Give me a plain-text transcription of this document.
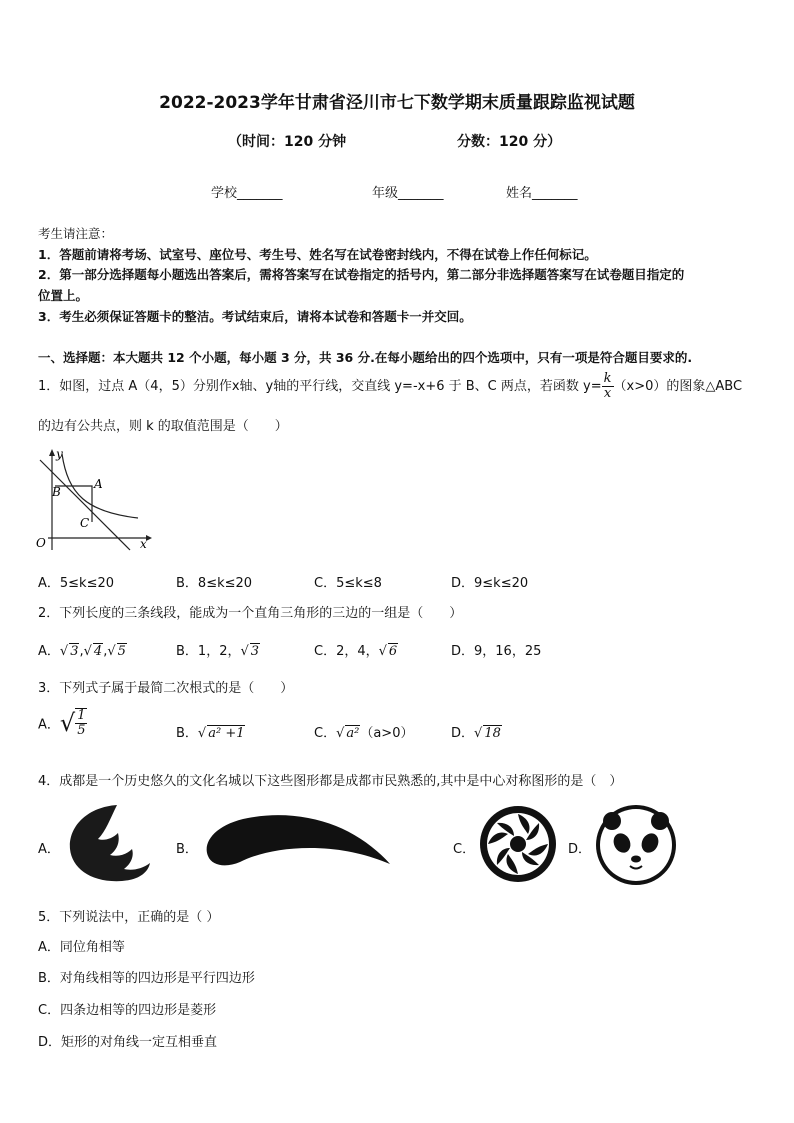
2022-2023学年甘肃省泾川市七下数学期末质量跟踪监视试题
（时间：120 分钟	分数：120 分）
学校_______	年级_______	姓名_______
考生请注意：
1．答题前请将考场、试室号、座位号、考生号、姓名写在试卷密封线内，不得在试卷上作任何标记。
2．第一部分选择题每小题选出答案后，需将答案写在试卷指定的括号内，第二部分非选择题答案写在试卷题目指定的
位置上。
3．考生必须保证答题卡的整洁。考试结束后，请将本试卷和答题卡一并交回。
一、选择题：本大题共 12 个小题，每小题 3 分，共 36 分.在每小题给出的四个选项中，只有一项是符合题目要求的.
1．如图，过点 A（4，5）分别作x轴、y轴的平行线，交直线 y=-x+6 于 B、C 两点，若函数 $y= \frac{k}{x} (x>0)$的图象△ABC
的边有公共点，则 k 的取值范围是（　　）
y
x
O
A
B
C
A．5≤k≤20	B．8≤k≤20	C．5≤k≤8	D．9≤k≤20
2．下列长度的三条线段，能成为一个直角三角形的三边的一组是（　　）
A．√ 3,√ 4,√ 5	B．1，2，√ 3	C．2，4，√ 6	D．9，16，25
3．下列式子属于最简二次根式的是（　　）
A．√ $\frac{1}{5}$	B．√ a² +1	C．√ a²（a>0）	D．√ 18
4．成都是一个历史悠久的文化名城以下这些图形都是成都市民熟悉的,其中是中心对称图形的是（　）
A．	B．	C．	D．
5．下列说法中，正确的是（ ）
A．同位角相等
B．对角线相等的四边形是平行四边形
C．四条边相等的四边形是菱形
D．矩形的对角线一定互相垂直
